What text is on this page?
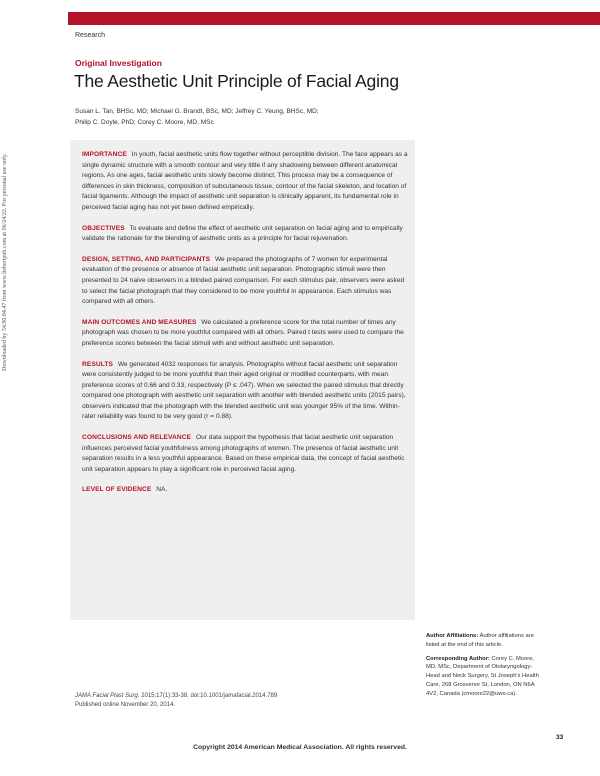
Research
Original Investigation
The Aesthetic Unit Principle of Facial Aging
Susan L. Tan, BHSc, MD; Michael G. Brandt, BSc, MD; Jeffrey C. Yeung, BHSc, MD;
Philip C. Doyle, PhD; Corey C. Moore, MD, MSc
Downloaded by 54.90.84.47 from www.liebertpub.com at 06/24/22. For personal use only.	IMPORTANCE In youth, facial aesthetic units flow together without perceptible division. The face appears as a single dynamic structure with a smooth contour and very little if any shadowing between different anatomical regions. As one ages, facial aesthetic units slowly become distinct. This process may be a consequence of differences in skin thickness, composition of subcutaneous tissue, contour of the facial skeleton, and location of facial ligaments. Although the impact of aesthetic unit separation is clinically apparent, its fundamental role in perceived facial aging has not yet been defined empirically.

OBJECTIVES To evaluate and define the effect of aesthetic unit separation on facial aging and to empirically validate the rationale for the blending of aesthetic units as a principle for facial rejuvenation.

DESIGN, SETTING, AND PARTICIPANTS We prepared the photographs of 7 women for experimental evaluation of the presence or absence of facial aesthetic unit separation. Photographic stimuli were then presented to 24 naive observers in a blinded paired comparison. For each stimulus pair, observers were asked to select the facial photograph that they considered to be more youthful in appearance. Each stimulus was compared with all others.

MAIN OUTCOMES AND MEASURES We calculated a preference score for the total number of times any photograph was chosen to be more youthful compared with all others. Paired t tests were used to compare the preference scores between the facial stimuli with and without aesthetic unit separation.

RESULTS We generated 4032 responses for analysis. Photographs without facial aesthetic unit separation were consistently judged to be more youthful than their aged original or modified counterparts, with mean preference scores of 0.66 and 0.33, respectively (P ≤ .047). When we selected the paired stimulus that directly compared one photograph with aesthetic unit separation with another with blended aesthetic units (2015 pairs), observers indicated that the photograph with the blended aesthetic unit was younger 95% of the time. Within-rater reliability was found to be very good (r = 0.88).

CONCLUSIONS AND RELEVANCE Our data support the hypothesis that facial aesthetic unit separation influences perceived facial youthfulness among photographs of women. The presence of facial aesthetic unit separation results in a less youthful appearance. Based on these empirical data, the concept of facial aesthetic unit separation appears to play a significant role in perceived facial aging.

LEVEL OF EVIDENCE NA.

Author Affiliations: Author affiliations are listed at the end of this article.

Corresponding Author: Corey C. Moore, MD, MSc, Department of Otolaryngology-Head and Neck Surgery, St Joseph's Health Care, 268 Grosvenor St, London, ON N6A 4V2, Canada (cmoore22@uwo.ca).

JAMA Facial Plast Surg. 2015;17(1):33-38. doi:10.1001/jamafacial.2014.789
Published online November 20, 2014.
33
Copyright 2014 American Medical Association. All rights reserved.
